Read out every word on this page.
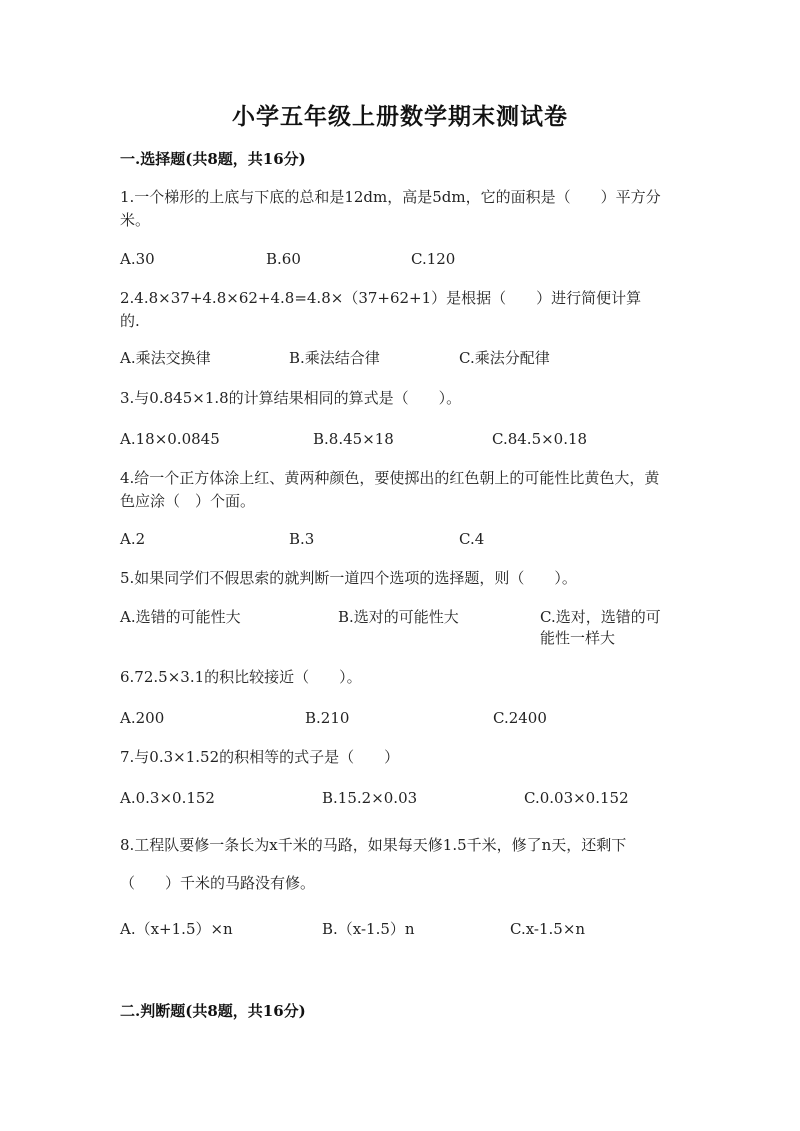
小学五年级上册数学期末测试卷
一.选择题(共8题，共16分)
1.一个梯形的上底与下底的总和是12dm，高是5dm，它的面积是（　　）平方分米。
A.30	B.60	C.120
2.4.8×37+4.8×62+4.8=4.8×（37+62+1）是根据（　　）进行简便计算的.
A.乘法交换律	B.乘法结合律	C.乘法分配律
3.与0.845×1.8的计算结果相同的算式是（　　）。
A.18×0.0845	B.8.45×18	C.84.5×0.18
4.给一个正方体涂上红、黄两种颜色，要使掷出的红色朝上的可能性比黄色大，黄色应涂（　）个面。
A.2	B.3	C.4
5.如果同学们不假思索的就判断一道四个选项的选择题，则（　　）。
A.选错的可能性大	B.选对的可能性大	C.选对，选错的可能性一样大
6.72.5×3.1的积比较接近（　　）。
A.200	B.210	C.2400
7.与0.3×1.52的积相等的式子是（　　）
A.0.3×0.152	B.15.2×0.03	C.0.03×0.152
8.工程队要修一条长为x千米的马路，如果每天修1.5千米，修了n天，还剩下（　　）千米的马路没有修。
A.（x+1.5）×n	B.（x-1.5）n	C.x-1.5×n
二.判断题(共8题，共16分)
